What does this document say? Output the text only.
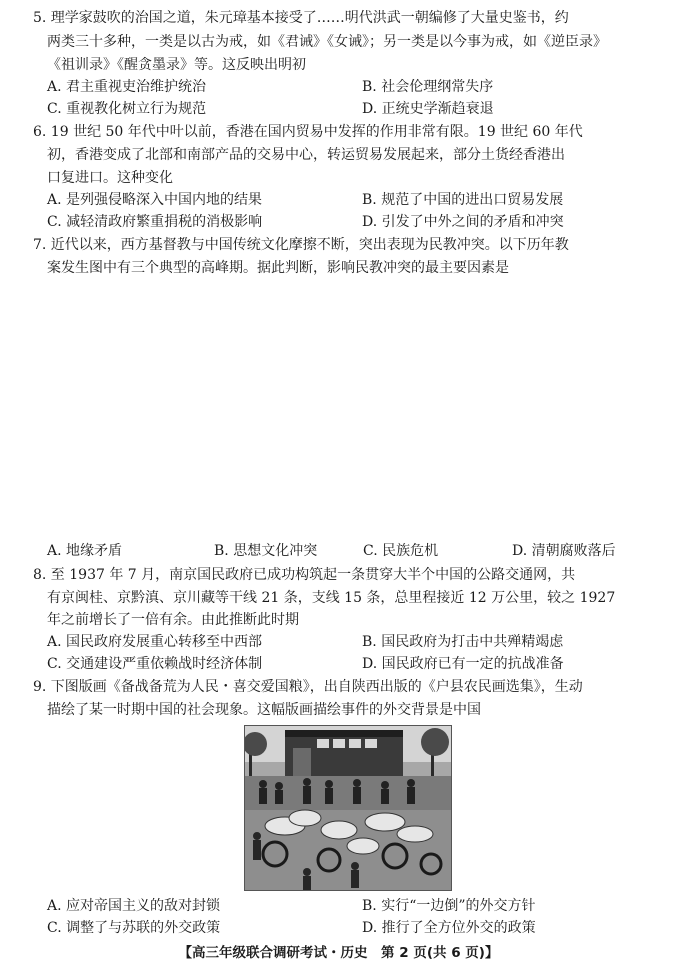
5. 理学家鼓吹的治国之道，朱元璋基本接受了……明代洪武一朝编修了大量史鉴书，约
两类三十多种，一类是以古为戒，如《君诫》《女诫》；另一类是以今事为戒，如《逆臣录》
《祖训录》《醒贪墨录》等。这反映出明初
A. 君主重视吏治维护统治	B. 社会伦理纲常失序
C. 重视教化树立行为规范	D. 正统史学渐趋衰退
6. 19 世纪 50 年代中叶以前，香港在国内贸易中发挥的作用非常有限。19 世纪 60 年代
初，香港变成了北部和南部产品的交易中心，转运贸易发展起来，部分土货经香港出
口复进口。这种变化
A. 是列强侵略深入中国内地的结果	B. 规范了中国的进出口贸易发展
C. 减轻清政府繁重捐税的消极影响	D. 引发了中外之间的矛盾和冲突
7. 近代以来，西方基督教与中国传统文化摩擦不断，突出表现为民教冲突。以下历年教
案发生图中有三个典型的高峰期。据此判断，影响民教冲突的最主要因素是
A. 地缘矛盾	B. 思想文化冲突	C. 民族危机	D. 清朝腐败落后
8. 至 1937 年 7 月，南京国民政府已成功构筑起一条贯穿大半个中国的公路交通网，共
有京闽桂、京黔滇、京川藏等干线 21 条，支线 15 条，总里程接近 12 万公里，较之 1927
年之前增长了一倍有余。由此推断此时期
A. 国民政府发展重心转移至中西部	B. 国民政府为打击中共殚精竭虑
C. 交通建设严重依赖战时经济体制	D. 国民政府已有一定的抗战准备
9. 下图版画《备战备荒为人民・喜交爱国粮》，出自陕西出版的《户县农民画选集》，生动
描绘了某一时期中国的社会现象。这幅版画描绘事件的外交背景是中国
A. 应对帝国主义的敌对封锁	B. 实行“一边倒”的外交方针
【高三年级联合调研考试・历史　第 2 页(共 6 页)】
C. 调整了与苏联的外交政策	D. 推行了全方位外交的政策
